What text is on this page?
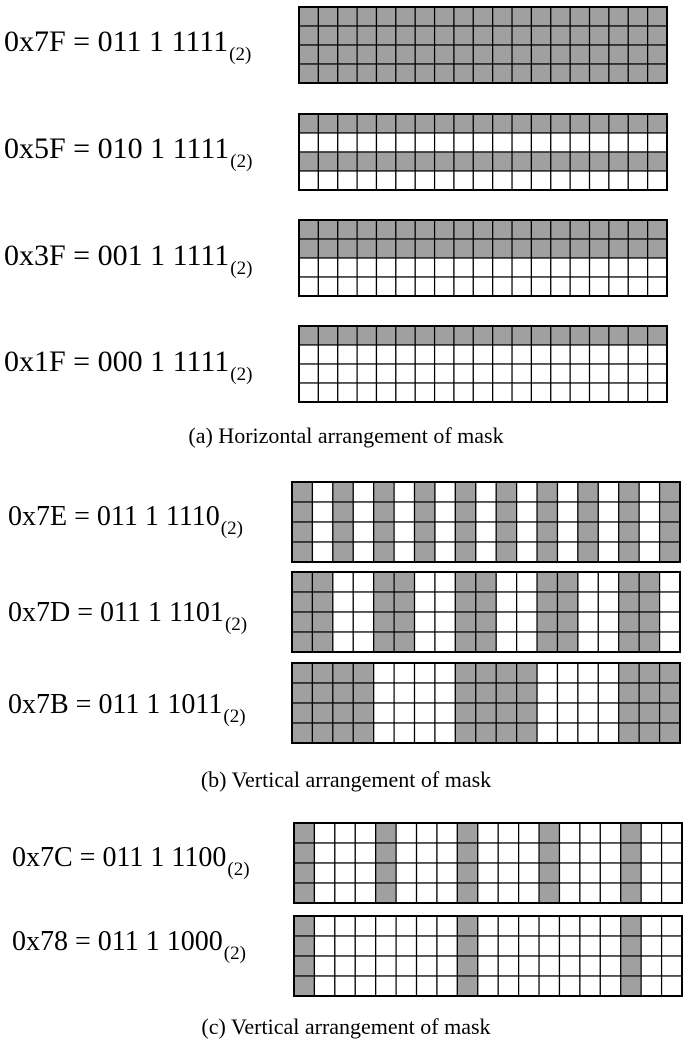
0x7F = 011 1 $1111_{(2)}$
0x5F = 010 1 $1111_{(2)}$
0x3F = 001 1 $1111_{(2)}$
0x1F = 000 1 $1111_{(2)}$
(a) Horizontal arrangement of mask
0x7E = 011 1 $1110_{(2)}$
0x7D = 011 1 $1101_{(2)}$
0x7B = 011 1 $1011_{(2)}$
(b) Vertical arrangement of mask
0x7C = 011 1 $1100_{(2)}$
0x78 = 011 1 $1000_{(2)}$
(c) Vertical arrangement of mask
